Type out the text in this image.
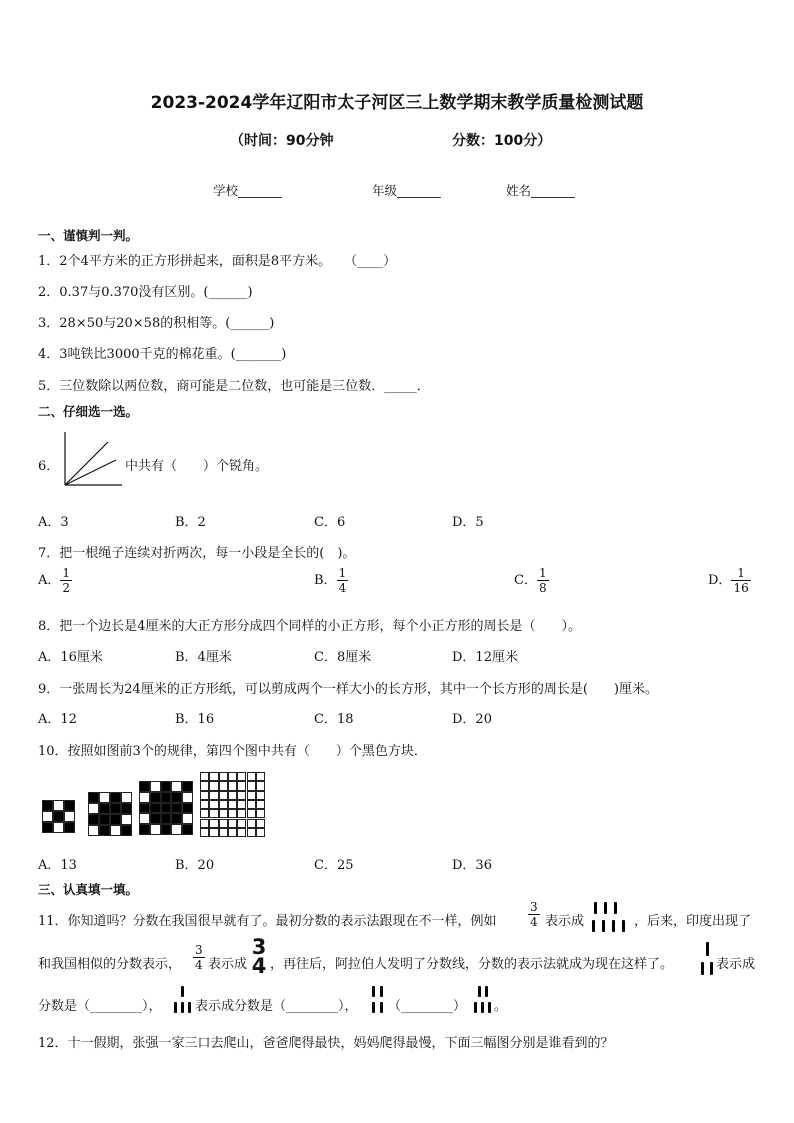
2023-2024学年辽阳市太子河区三上数学期末教学质量检测试题
（时间：90分钟	分数：100分）
学校_______	年级_______	姓名_______
一、谨慎判一判。
1．2个4平方米的正方形拼起来，面积是8平方米。　　（____）
2．0.37与0.370没有区别。(______)
3．28×50与20×58的积相等。(______)
4．3吨铁比3000千克的棉花重。(_______)
5．三位数除以两位数，商可能是二位数，也可能是三位数．_____．
二、仔细选一选。
6．	中共有（　　）个锐角。
A．3	B．2	C．6	D．5
7．把一根绳子连续对折两次，每一小段是全长的(　)。
A． $\frac{1}{2}$	B． $\frac{1}{4}$	C． $\frac{1}{8}$	D． $\frac{1}{16}$
8．把一个边长是4厘米的大正方形分成四个同样的小正方形，每个小正方形的周长是（　　）。
A．16厘米	B．4厘米	C．8厘米	D．12厘米
9．一张周长为24厘米的正方形纸，可以剪成两个一样大小的长方形，其中一个长方形的周长是(　　)厘米。
A．12	B．16	C．18	D．20
10．按照如图前3个的规律，第四个图中共有（　　）个黑色方块．
A．13	B．20	C．25	D．36
三、认真填一填。
11．你知道吗？分数在我国很早就有了。最初分数的表示法跟现在不一样，例如	$\frac{3}{4}$ 表示成	，后来，印度出现了
和我国相似的分数表示， $\frac{3}{4}$ 表示成
3
4 ，再往后，阿拉伯人发明了分数线，分数的表示法就成为现在这样了。	表示成
分数是（________），	表示成分数是（________）， （________） 。
12．十一假期，张强一家三口去爬山，爸爸爬得最快，妈妈爬得最慢，下面三幅图分别是谁看到的？
